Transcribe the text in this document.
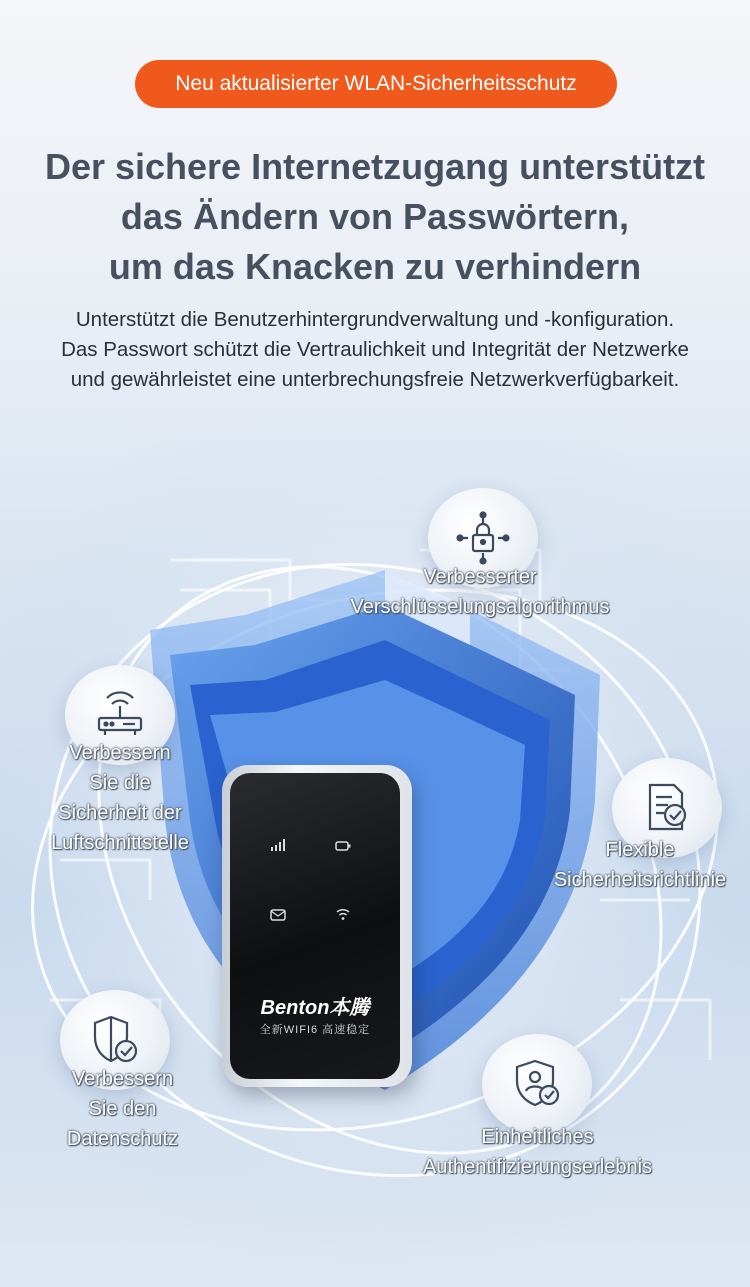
Neu aktualisierter WLAN-Sicherheitsschutz
Der sichere Internetzugang unterstützt
das Ändern von Passwörtern,
um das Knacken zu verhindern
Unterstützt die Benutzerhintergrundverwaltung und -konfiguration.
Das Passwort schützt die Vertraulichkeit und Integrität der Netzwerke
und gewährleistet eine unterbrechungsfreie Netzwerkverfügbarkeit.
Verbesserter
Verschlüsselungsalgorithmus
Verbessern
Sie die
Sicherheit der
Luftschnittstelle	Flexible
Sicherheitsrichtlinie
Verbessern
Sie den
Datenschutz	Einheitliches
Authentifizierungserlebnis
Benton本腾
全新WIFI6 高速稳定
